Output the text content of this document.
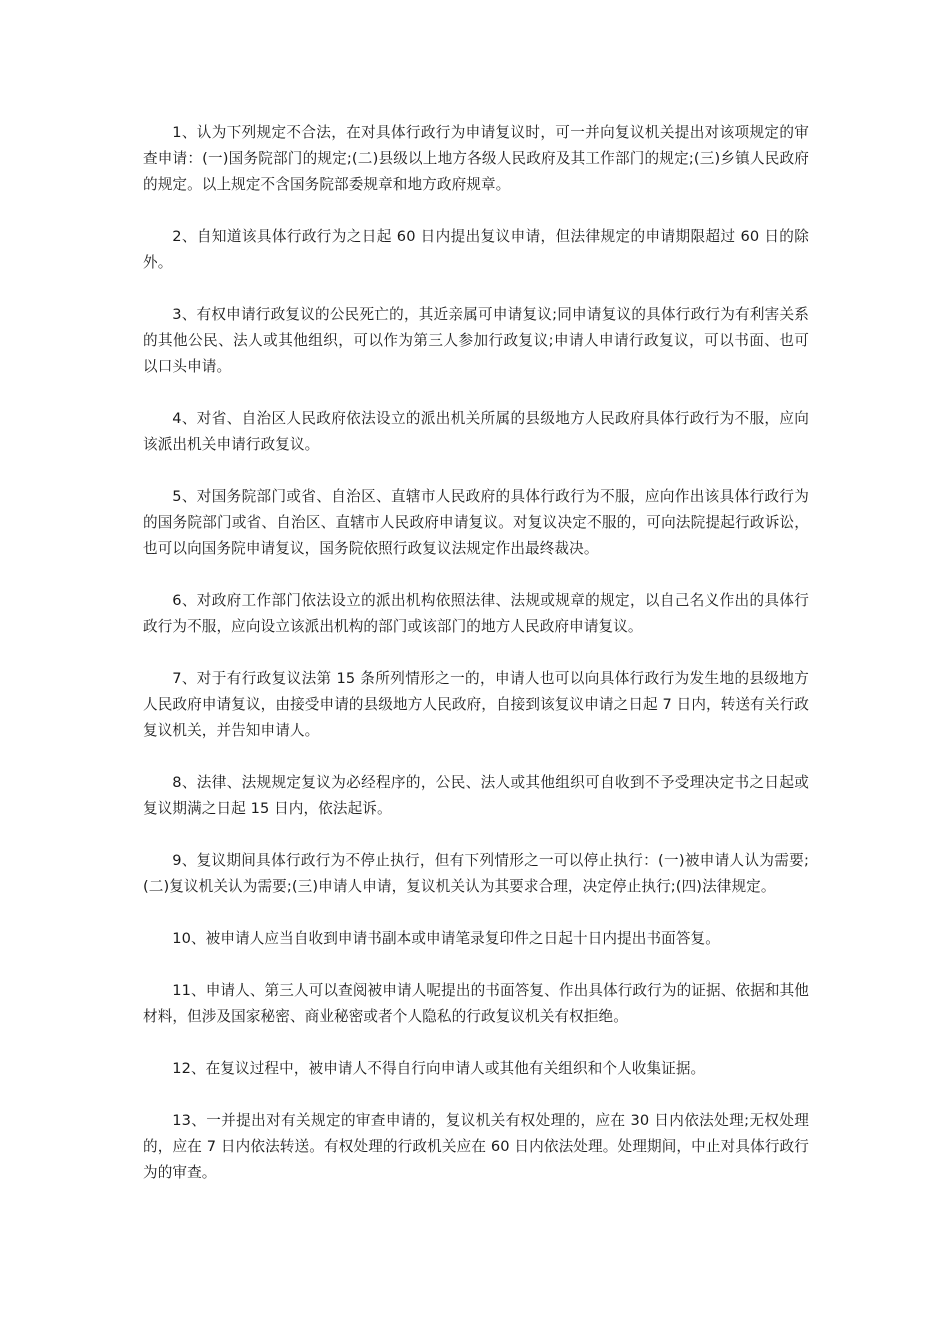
1、认为下列规定不合法，在对具体行政行为申请复议时，可一并向复议机关提出对该项规定的审查申请：(一)国务院部门的规定;(二)县级以上地方各级人民政府及其工作部门的规定;(三)乡镇人民政府的规定。以上规定不含国务院部委规章和地方政府规章。

2、自知道该具体行政行为之日起 60 日内提出复议申请，但法律规定的申请期限超过 60 日的除外。

3、有权申请行政复议的公民死亡的，其近亲属可申请复议;同申请复议的具体行政行为有利害关系的其他公民、法人或其他组织，可以作为第三人参加行政复议;申请人申请行政复议，可以书面、也可以口头申请。

4、对省、自治区人民政府依法设立的派出机关所属的县级地方人民政府具体行政行为不服，应向该派出机关申请行政复议。

5、对国务院部门或省、自治区、直辖市人民政府的具体行政行为不服，应向作出该具体行政行为的国务院部门或省、自治区、直辖市人民政府申请复议。对复议决定不服的，可向法院提起行政诉讼，也可以向国务院申请复议，国务院依照行政复议法规定作出最终裁决。

6、对政府工作部门依法设立的派出机构依照法律、法规或规章的规定，以自己名义作出的具体行政行为不服，应向设立该派出机构的部门或该部门的地方人民政府申请复议。

7、对于有行政复议法第 15 条所列情形之一的，申请人也可以向具体行政行为发生地的县级地方人民政府申请复议，由接受申请的县级地方人民政府，自接到该复议申请之日起 7 日内，转送有关行政复议机关，并告知申请人。

8、法律、法规规定复议为必经程序的，公民、法人或其他组织可自收到不予受理决定书之日起或复议期满之日起 15 日内，依法起诉。

9、复议期间具体行政行为不停止执行，但有下列情形之一可以停止执行：(一)被申请人认为需要;(二)复议机关认为需要;(三)申请人申请，复议机关认为其要求合理，决定停止执行;(四)法律规定。

10、被申请人应当自收到申请书副本或申请笔录复印件之日起十日内提出书面答复。

11、申请人、第三人可以查阅被申请人呢提出的书面答复、作出具体行政行为的证据、依据和其他材料，但涉及国家秘密、商业秘密或者个人隐私的行政复议机关有权拒绝。

12、在复议过程中，被申请人不得自行向申请人或其他有关组织和个人收集证据。

13、一并提出对有关规定的审查申请的，复议机关有权处理的，应在 30 日内依法处理;无权处理的，应在 7 日内依法转送。有权处理的行政机关应在 60 日内依法处理。处理期间，中止对具体行政行为的审查。
